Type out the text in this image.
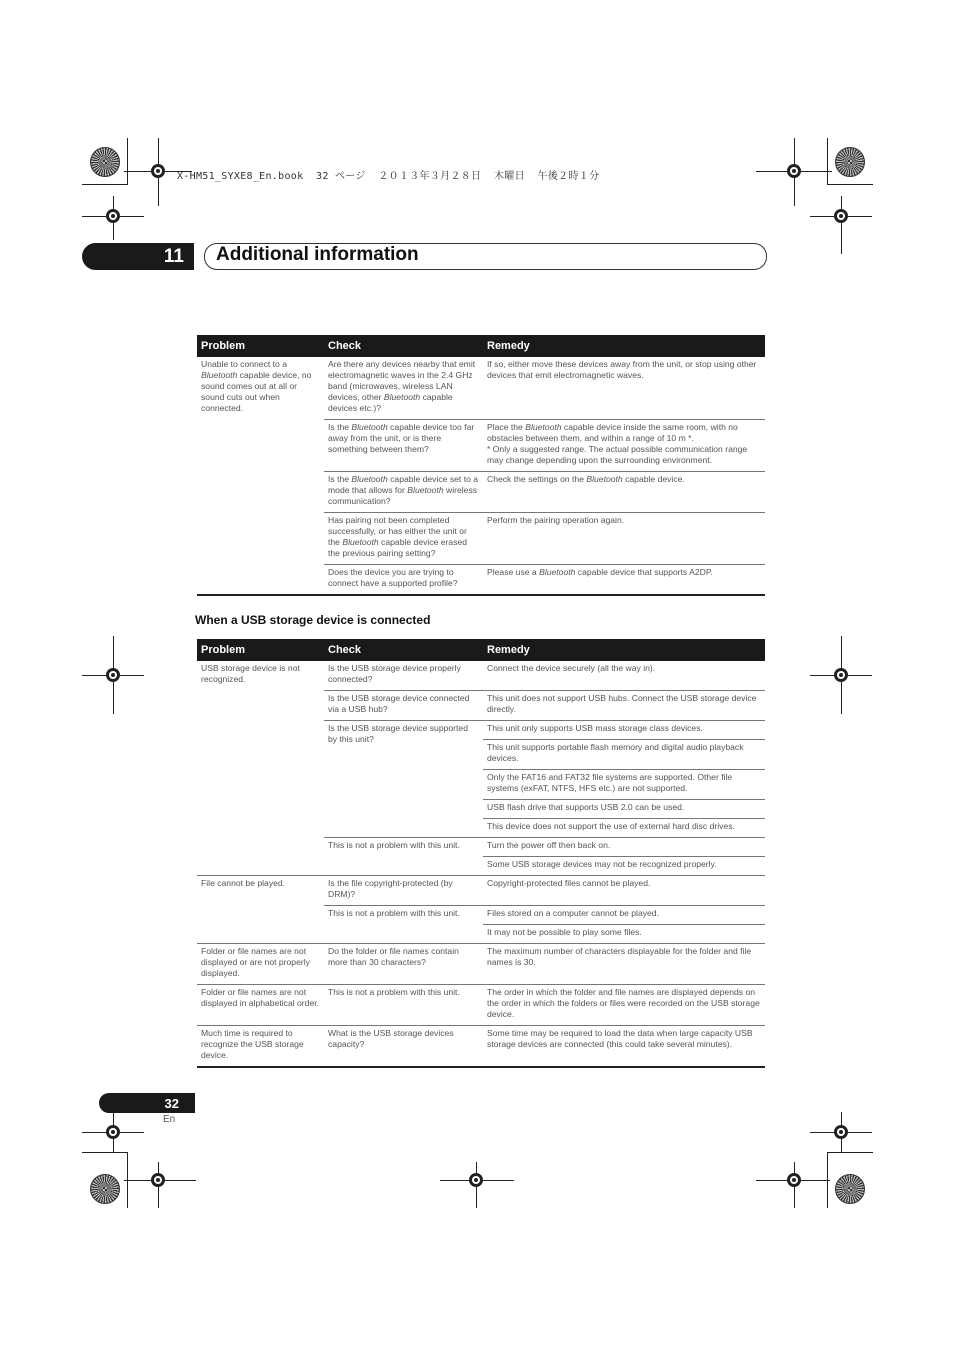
X-HM51_SYXE8_En.book  32 ページ  ２０１３年３月２８日  木曜日  午後２時１分
11	Additional information
Problem	Check	Remedy
Unable to connect to a Bluetooth capable device, no sound comes out at all or sound cuts out when connected.	Are there any devices nearby that emit electromagnetic waves in the 2.4 GHz band (microwaves, wireless LAN devices, other Bluetooth capable devices etc.)?	If so, either move these devices away from the unit, or stop using other devices that emit electromagnetic waves.
	Is the Bluetooth capable device too far away from the unit, or is there something between them?	Place the Bluetooth capable device inside the same room, with no obstacles between them, and within a range of 10 m *.
* Only a suggested range. The actual possible communication range may change depending upon the surrounding environment.

	Is the Bluetooth capable device set to a mode that allows for Bluetooth wireless communication?	Check the settings on the Bluetooth capable device.
	Has pairing not been completed successfully, or has either the unit or the Bluetooth capable device erased the previous pairing setting?	Perform the pairing operation again.
	Does the device you are trying to connect have a supported profile?	Please use a Bluetooth capable device that supports A2DP.
When a USB storage device is connected
Problem	Check	Remedy
USB storage device is not recognized.	Is the USB storage device properly connected?	Connect the device securely (all the way in).
	Is the USB storage device connected via a USB hub?	This unit does not support USB hubs. Connect the USB storage device directly.
	Is the USB storage device supported by this unit?	This unit only supports USB mass storage class devices.
		This unit supports portable flash memory and digital audio playback devices.
		Only the FAT16 and FAT32 file systems are supported. Other file systems (exFAT, NTFS, HFS etc.) are not supported.
		USB flash drive that supports USB 2.0 can be used.
		This device does not support the use of external hard disc drives.
	This is not a problem with this unit.	Turn the power off then back on.
		Some USB storage devices may not be recognized properly.
File cannot be played.	Is the file copyright-protected (by DRM)?	Copyright-protected files cannot be played.
	This is not a problem with this unit.	Files stored on a computer cannot be played.
		It may not be possible to play some files.
Folder or file names are not displayed or are not properly displayed.	Do the folder or file names contain more than 30 characters?	The maximum number of characters displayable for the folder and file names is 30.
Folder or file names are not displayed in alphabetical order.	This is not a problem with this unit.	The order in which the folder and file names are displayed depends on the order in which the folders or files were recorded on the USB storage device.
Much time is required to recognize the USB storage device.	What is the USB storage devices capacity?	Some time may be required to load the data when large capacity USB storage devices are connected (this could take several minutes).
32
En
